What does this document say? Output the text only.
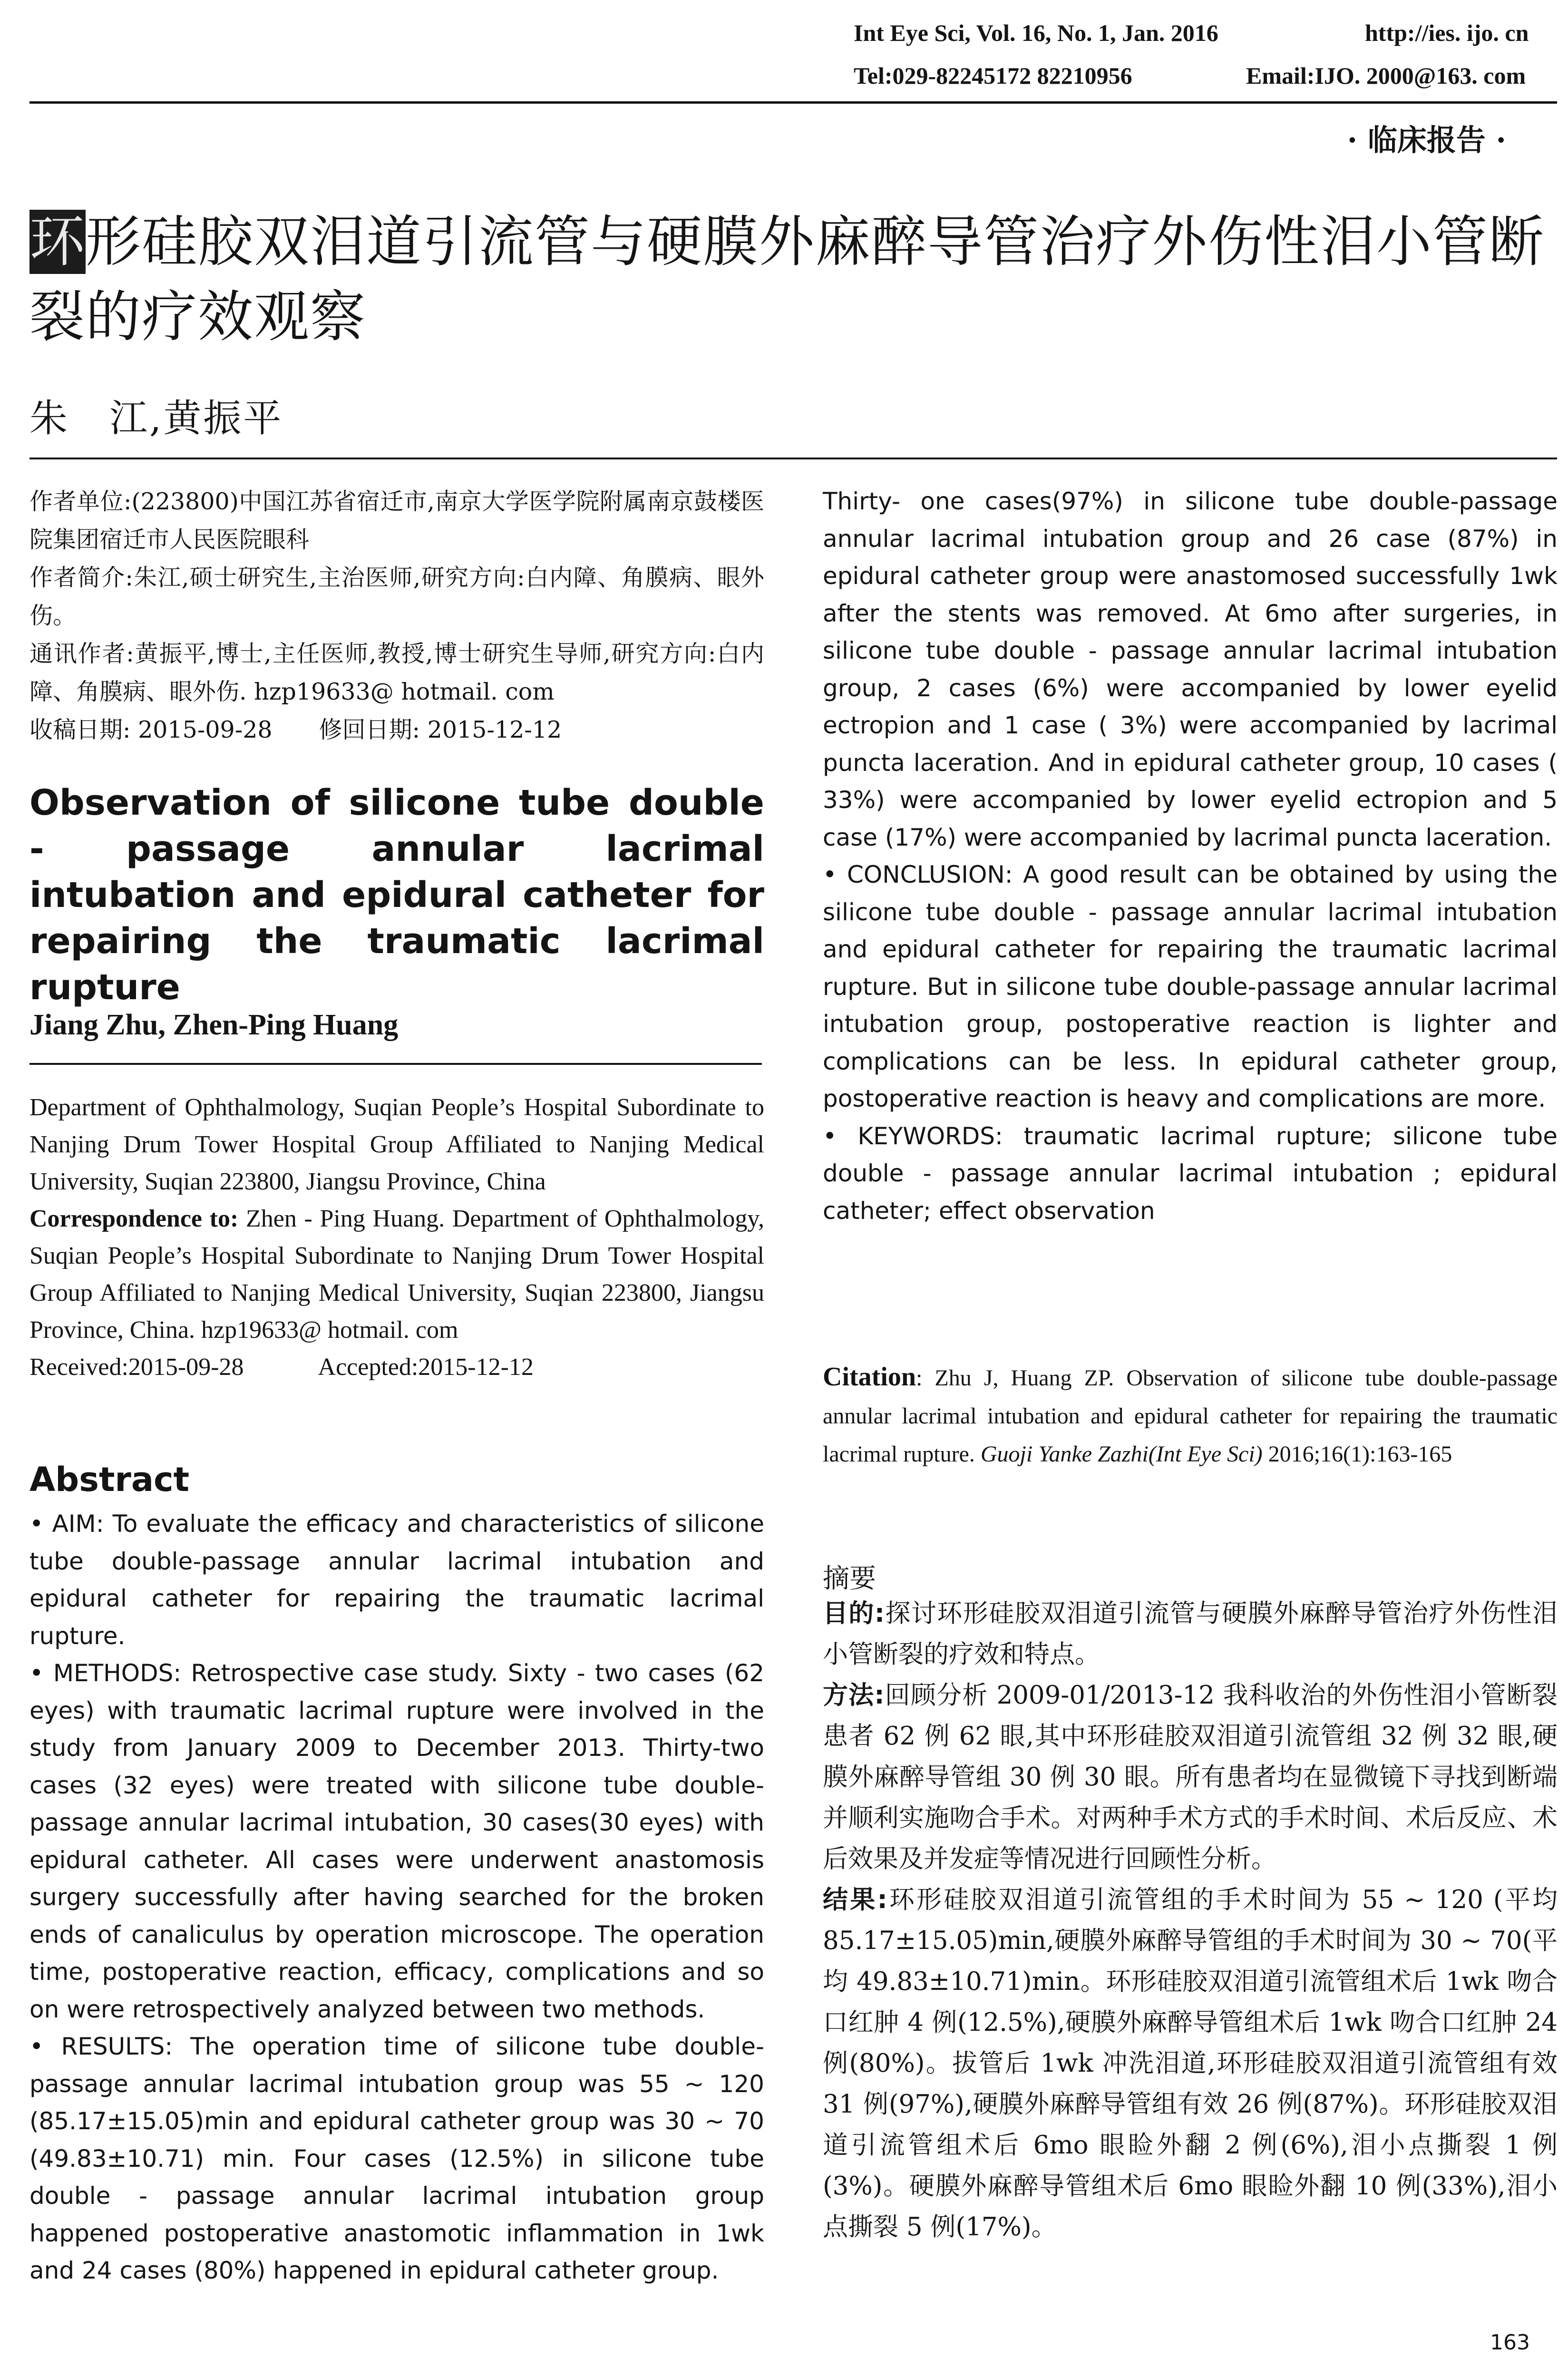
Int Eye Sci, Vol. 16, No. 1, Jan. 2016	http://ies. ijo. cn
Tel:029-82245172 82210956	Email:IJO. 2000@163. com
· 临床报告 ·
环形硅胶双泪道引流管与硬膜外麻醉导管治疗外伤性泪小管断裂的疗效观察
朱　江,黄振平
作者单位:(223800)中国江苏省宿迁市,南京大学医学院附属南京鼓楼医院集团宿迁市人民医院眼科
作者简介:朱江,硕士研究生,主治医师,研究方向:白内障、角膜病、眼外伤。
通讯作者:黄振平,博士,主任医师,教授,博士研究生导师,研究方向:白内障、角膜病、眼外伤. hzp19633@ hotmail. com
收稿日期: 2015-09-28　　修回日期: 2015-12-12
Observation of silicone tube double - passage annular lacrimal intubation and epidural catheter for repairing the traumatic lacrimal rupture
Jiang Zhu, Zhen-Ping Huang
Department of Ophthalmology, Suqian People’s Hospital Subordinate to Nanjing Drum Tower Hospital Group Affiliated to Nanjing Medical University, Suqian 223800, Jiangsu Province, China
Correspondence to: Zhen - Ping Huang. Department of Ophthalmology, Suqian People’s Hospital Subordinate to Nanjing Drum Tower Hospital Group Affiliated to Nanjing Medical University, Suqian 223800, Jiangsu Province, China. hzp19633@ hotmail. com
Received:2015-09-28　　　Accepted:2015-12-12
Abstract

• AIM: To evaluate the efficacy and characteristics of silicone tube double-passage annular lacrimal intubation and epidural catheter for repairing the traumatic lacrimal rupture.

• METHODS: Retrospective case study. Sixty - two cases (62 eyes) with traumatic lacrimal rupture were involved in the study from January 2009 to December 2013. Thirty-two cases (32 eyes) were treated with silicone tube double-passage annular lacrimal intubation, 30 cases(30 eyes) with epidural catheter. All cases were underwent anastomosis surgery successfully after having searched for the broken ends of canaliculus by operation microscope. The operation time, postoperative reaction, efficacy, complications and so on were retrospectively analyzed between two methods.

• RESULTS: The operation time of silicone tube double-passage annular lacrimal intubation group was 55 ~ 120 (85.17±15.05)min and epidural catheter group was 30 ~ 70 (49.83±10.71) min. Four cases (12.5%) in silicone tube double - passage annular lacrimal intubation group happened postoperative anastomotic inflammation in 1wk and 24 cases (80%) happened in epidural catheter group.

Thirty- one cases(97%) in silicone tube double-passage annular lacrimal intubation group and 26 case (87%) in epidural catheter group were anastomosed successfully 1wk after the stents was removed. At 6mo after surgeries, in silicone tube double - passage annular lacrimal intubation group, 2 cases (6%) were accompanied by lower eyelid ectropion and 1 case ( 3%) were accompanied by lacrimal puncta laceration. And in epidural catheter group, 10 cases ( 33%) were accompanied by lower eyelid ectropion and 5 case (17%) were accompanied by lacrimal puncta laceration.

• CONCLUSION: A good result can be obtained by using the silicone tube double - passage annular lacrimal intubation and epidural catheter for repairing the traumatic lacrimal rupture. But in silicone tube double-passage annular lacrimal intubation group, postoperative reaction is lighter and complications can be less. In epidural catheter group, postoperative reaction is heavy and complications are more.

• KEYWORDS: traumatic lacrimal rupture; silicone tube double - passage annular lacrimal intubation ; epidural catheter; effect observation

Citation: Zhu J, Huang ZP. Observation of silicone tube double-passage annular lacrimal intubation and epidural catheter for repairing the traumatic lacrimal rupture. Guoji Yanke Zazhi(Int Eye Sci) 2016;16(1):163-165
摘要

目的:探讨环形硅胶双泪道引流管与硬膜外麻醉导管治疗外伤性泪小管断裂的疗效和特点。

方法:回顾分析 2009-01/2013-12 我科收治的外伤性泪小管断裂患者 62 例 62 眼,其中环形硅胶双泪道引流管组 32 例 32 眼,硬膜外麻醉导管组 30 例 30 眼。所有患者均在显微镜下寻找到断端并顺利实施吻合手术。对两种手术方式的手术时间、术后反应、术后效果及并发症等情况进行回顾性分析。

结果:环形硅胶双泪道引流管组的手术时间为 55 ~ 120 (平均 85.17±15.05)min,硬膜外麻醉导管组的手术时间为 30 ~ 70(平均 49.83±10.71)min。环形硅胶双泪道引流管组术后 1wk 吻合口红肿 4 例(12.5%),硬膜外麻醉导管组术后 1wk 吻合口红肿 24 例(80%)。拔管后 1wk 冲洗泪道,环形硅胶双泪道引流管组有效 31 例(97%),硬膜外麻醉导管组有效 26 例(87%)。环形硅胶双泪道引流管组术后 6mo 眼睑外翻 2 例(6%),泪小点撕裂 1 例(3%)。硬膜外麻醉导管组术后 6mo 眼睑外翻 10 例(33%),泪小点撕裂 5 例(17%)。

163
